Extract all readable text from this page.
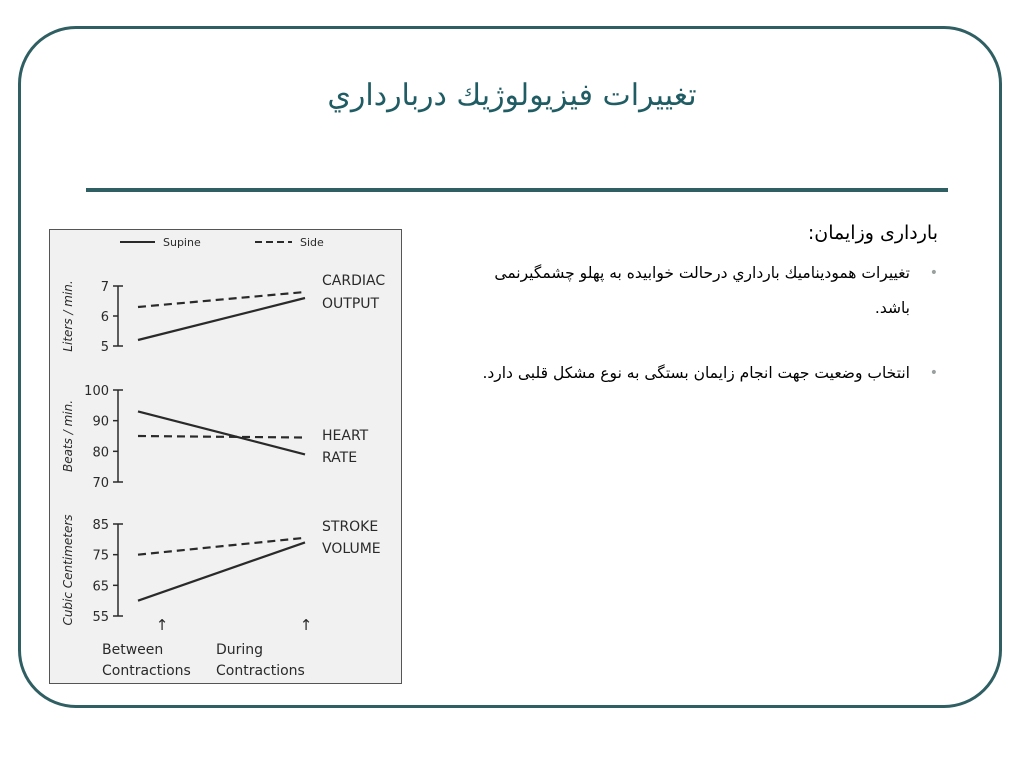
تغييرات فيزيولوژيك دربارداري
بارداری وزایمان:
•
تغييرات همودیناميك بارداري درحالت خوابيده به پهلو چشمگیرنمی باشد.
•
انتخاب وضعیت جهت انجام زایمان بستگی به نوع مشکل قلبی دارد.
Supine	Side
7
6
5
Liters / min.	CARDIAC
OUTPUT
100
90
80
70
Beats / min.	HEART
RATE
85
75
65
55
Cubic Centimeters	STROKE
VOLUME
↑
Between
Contractions
↑
During
Contractions
